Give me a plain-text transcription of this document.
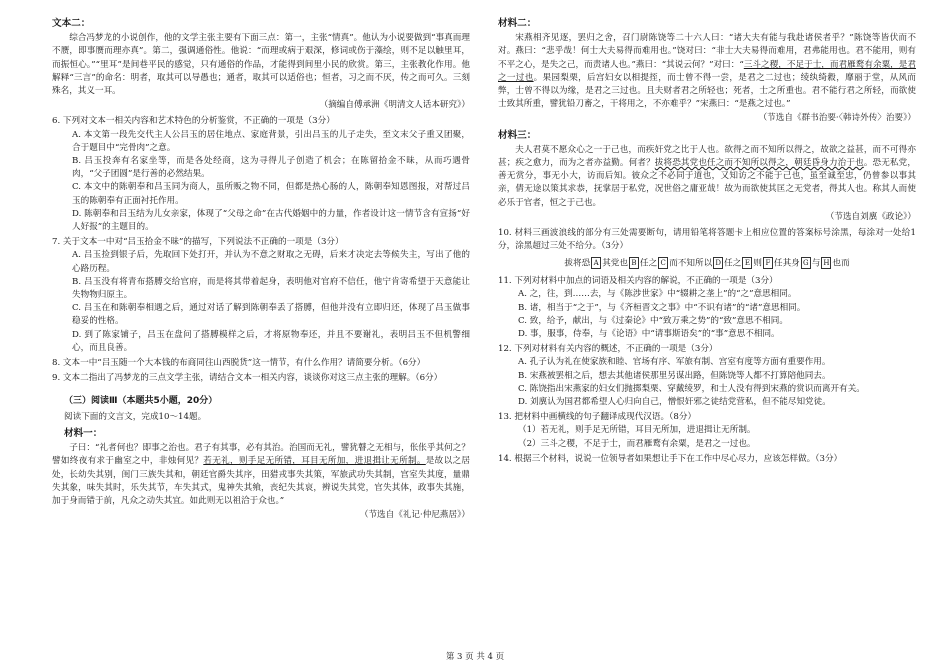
文本二：

综合冯梦龙的小说创作，他的文学主张主要有下面三点：第一，主张“情真”。他认为小说要做到“事真而理不赝，即事赝而理亦真”。第二，强调通俗性。他说：“而理或病于艰深，修词或伤于藻绘，则不足以触里耳，而振恒心。”“里耳”是间巷平民的感觉，只有通俗的作品，才能得到间里小民的欣赏。第三，主张教化作用。他解释“三言”的命名：明者，取其可以导愚也；通者，取其可以适俗也；恒者，习之而不厌，传之而可久。三刻殊名，其义一耳。

（摘编自傅承洲《明清文人话本研究》）
6. 下列对文本一相关内容和艺术特色的分析鉴赏，不正确的一项是（3分）
A. 本文第一段先交代主人公吕玉的居住地点、家庭背景，引出吕玉的儿子走失，至文末父子重又团聚，合于题目中“完骨肉”之意。
B. 吕玉投奔有名家坐等，而是各处经商，这为寻得儿子创造了机会；在陈留拾金不昧，从而巧遇骨肉，“父子团圆”是行善的必然结果。
C. 本文中的陈朝奉和吕玉同为商人，虽所贩之物不同，但都是热心肠的人，陈朝奉知恩图报，对帮过吕玉的陈朝奉有正面衬托作用。
D. 陈朝奉和吕玉结为儿女亲家，体现了“父母之命”在古代婚姻中的力量，作者设计这一情节含有宣扬“好人好报”的主题目的。
7. 关于文本一中对“吕玉拾金不昧”的描写，下列说法不正确的一项是（3分）
A. 吕玉捡到银子后，先取回下处打开，并认为不意之财取之无碍，后来才决定去等候失主，写出了他的心路历程。
B. 吕玉没有将青布搭膊交给官府，而是将其带着起身，表明他对官府不信任，他宁肯寄希望于天意能让失物物归原主。
C. 吕玉在和陈朝奉相遇之后，通过对话了解到陈朝奉丢了搭膊，但他并没有立即归还，体现了吕玉做事稳妥的性格。
D. 到了陈家铺子，吕玉在盘问了搭膊模样之后，才将原物奉还，并且不要谢礼，表明吕玉不但机警细心，而且良善。
8. 文本一中“吕玉随一个大本钱的布商同往山西脱货”这一情节，有什么作用？请简要分析。（6分）
9. 文本二指出了冯梦龙的三点文学主张，请结合文本一相关内容，谈谈你对这三点主张的理解。（6分）
（三）阅读Ⅲ（本题共5小题，20分）
阅读下面的文言文，完成10～14题。
材料一：

子曰：“礼者何也？即事之治也。君子有其事，必有其治。治国而无礼，譬犹瞽之无相与，伥伥乎其何之？譬如终夜有求于幽室之中，非烛何见？若无礼，则手足无所错，耳目无所加，进退揖让无所制。是故以之居处，长幼失其别，闺门三族失其和，朝廷官爵失其序，田猎戎事失其策，军旅武功失其制，宫室失其度，量鼎失其象，味失其时，乐失其节，车失其式，鬼神失其飨，丧纪失其哀，辨说失其党，官失其体，政事失其施，加于身而错于前，凡众之动失其宜。如此则无以祖洽于众也。”

（节选自《礼记·仲尼燕居》）
材料二：

宋燕相齐见逐，罢归之舍，召门尉陈饶等二十六人曰：“诸大夫有能与我赴诸侯者乎？”陈饶等皆伏而不对。燕曰：“悲乎哉！何士大夫易得而难用也。”饶对曰：“非士大夫易得而难用，君弗能用也。君不能用，则有不平之心，是失之己，而责诸人也。”燕曰：“其说云何？”对曰：“三斗之稷，不足于士，而君雁鹜有余粟，是君之一过也。果园梨栗，后宫妇女以相提挃，而士曾不得一尝，是君之二过也；绫纨绮縠，靡丽于堂，从风而弊，士曾不得以为缘，是君之三过也。且夫财者君之所轻也；死者，士之所重也。君不能行君之所轻，而欲使士致其所重，譬犹铅刀畜之，干将用之，不亦难乎？”宋燕曰：“是燕之过也。”

（节选自《群书治要·〈韩诗外传〉治要》）
材料三：

夫人君莫不愿众心之一于己也，而疾奸党之比于人也。欲得之而不知所以得之，故欲之益甚，而不可得亦甚；疾之愈力，而为之者亦益勤。何者？拔将恐其党也任之而不知所以得之，朝廷昏身力治于也。恐无私党，善无赏分，事无小大，访而后知。彼众之不必同于道也，又知访之不能于己也，虽至诚至忠，仍曾参以事其亲，倩无途以策其求恭，抚掌居于私党，况世俗之庸亚哉！故为而欲使其匡之无党者，得其人也。称其人而使必乐于官者，恒之于己也。

（节选自刘廙《政论》）
10. 材料三画波浪线的部分有三处需要断句，请用铅笔将答题卡上相应位置的答案标号涂黑，每涂对一处给1分，涂黑超过三处不给分。（3分）
拔将恐 A 其党也 B 任之 C 而不知所以 D 任之 E 则 F 任其身 G 与 H 也而
11. 下列对材料中加点的词语及相关内容的解说，不正确的一项是（3分）
A. 之，往，到……去，与《陈涉世家》中“辍耕之垄上”的“之”意思相同。
B. 诸，相当于“之于”，与《齐桓晋文之事》中“不识有诸”的“诸”意思相同。
C. 致，给予，献出，与《过秦论》中“致万乘之势”的“致”意思不相同。
D. 事，服事，侍奉，与《论语》中“请事斯语矣”的“事”意思不相同。
12. 下列对材料有关内容的概述，不正确的一项是（3分）
A. 孔子认为礼在使家族和睦、官场有序、军旅有制、宫室有度等方面有重要作用。
B. 宋燕被罢相之后，想去其他诸侯那里另谋出路，但陈饶等人都不打算陪他同去。
C. 陈饶指出宋燕家的妇女们抛掷梨栗、穿戴绫罗，和士人没有得到宋燕的赏识而离开有关。
D. 刘廙认为国君都希望人心归向自己，憎恨奸邪之徒结党营私，但不能尽知党徒。
13. 把材料中画横线的句子翻译成现代汉语。（8分）
（1）若无礼，则手足无所错，耳目无所加，进退揖让无所制。
（2）三斗之稷，不足于士，而君雁鹜有余粟，是君之一过也。
14. 根据三个材料，说说一位领导者如果想让手下在工作中尽心尽力，应该怎样做。（3分）
第 3 页 共 4 页
